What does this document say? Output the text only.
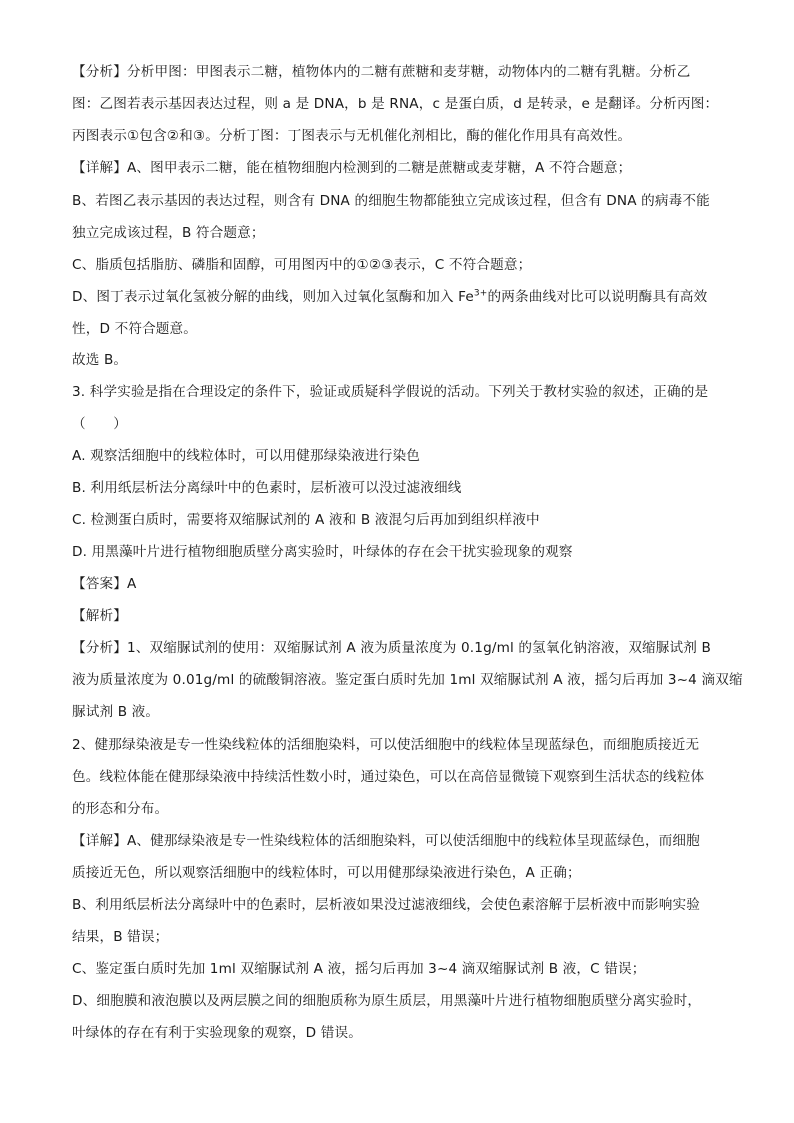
【分析】分析甲图：甲图表示二糖，植物体内的二糖有蔗糖和麦芽糖，动物体内的二糖有乳糖。分析乙
图：乙图若表示基因表达过程，则 a 是 DNA，b 是 RNA，c 是蛋白质，d 是转录，e 是翻译。分析丙图：
丙图表示①包含②和③。分析丁图：丁图表示与无机催化剂相比，酶的催化作用具有高效性。
【详解】A、图甲表示二糖，能在植物细胞内检测到的二糖是蔗糖或麦芽糖，A 不符合题意；
B、若图乙表示基因的表达过程，则含有 DNA 的细胞生物都能独立完成该过程，但含有 DNA 的病毒不能
独立完成该过程，B 符合题意；
C、脂质包括脂肪、磷脂和固醇，可用图丙中的①②③表示，C 不符合题意；
D、图丁表示过氧化氢被分解的曲线，则加入过氧化氢酶和加入 $Fe^{3+}$的两条曲线对比可以说明酶具有高效
性，D 不符合题意。
故选 B。
3. 科学实验是指在合理设定的条件下，验证或质疑科学假说的活动。下列关于教材实验的叙述，正确的是
（　　）
A. 观察活细胞中的线粒体时，可以用健那绿染液进行染色
B. 利用纸层析法分离绿叶中的色素时，层析液可以没过滤液细线
C. 检测蛋白质时，需要将双缩脲试剂的 A 液和 B 液混匀后再加到组织样液中
D. 用黑藻叶片进行植物细胞质壁分离实验时，叶绿体的存在会干扰实验现象的观察
【答案】A
【解析】
【分析】1、双缩脲试剂的使用：双缩脲试剂 A 液为质量浓度为 0.1g/ml 的氢氧化钠溶液，双缩脲试剂 B
液为质量浓度为 0.01g/ml 的硫酸铜溶液。鉴定蛋白质时先加 1ml 双缩脲试剂 A 液，摇匀后再加 3~4 滴双缩
脲试剂 B 液。
2、健那绿染液是专一性染线粒体的活细胞染料，可以使活细胞中的线粒体呈现蓝绿色，而细胞质接近无
色。线粒体能在健那绿染液中持续活性数小时，通过染色，可以在高倍显微镜下观察到生活状态的线粒体
的形态和分布。
【详解】A、健那绿染液是专一性染线粒体的活细胞染料，可以使活细胞中的线粒体呈现蓝绿色，而细胞
质接近无色，所以观察活细胞中的线粒体时，可以用健那绿染液进行染色，A 正确；
B、利用纸层析法分离绿叶中的色素时，层析液如果没过滤液细线，会使色素溶解于层析液中而影响实验
结果，B 错误；
C、鉴定蛋白质时先加 1ml 双缩脲试剂 A 液，摇匀后再加 3~4 滴双缩脲试剂 B 液，C 错误；
D、细胞膜和液泡膜以及两层膜之间的细胞质称为原生质层，用黑藻叶片进行植物细胞质壁分离实验时，
叶绿体的存在有利于实验现象的观察，D 错误。
